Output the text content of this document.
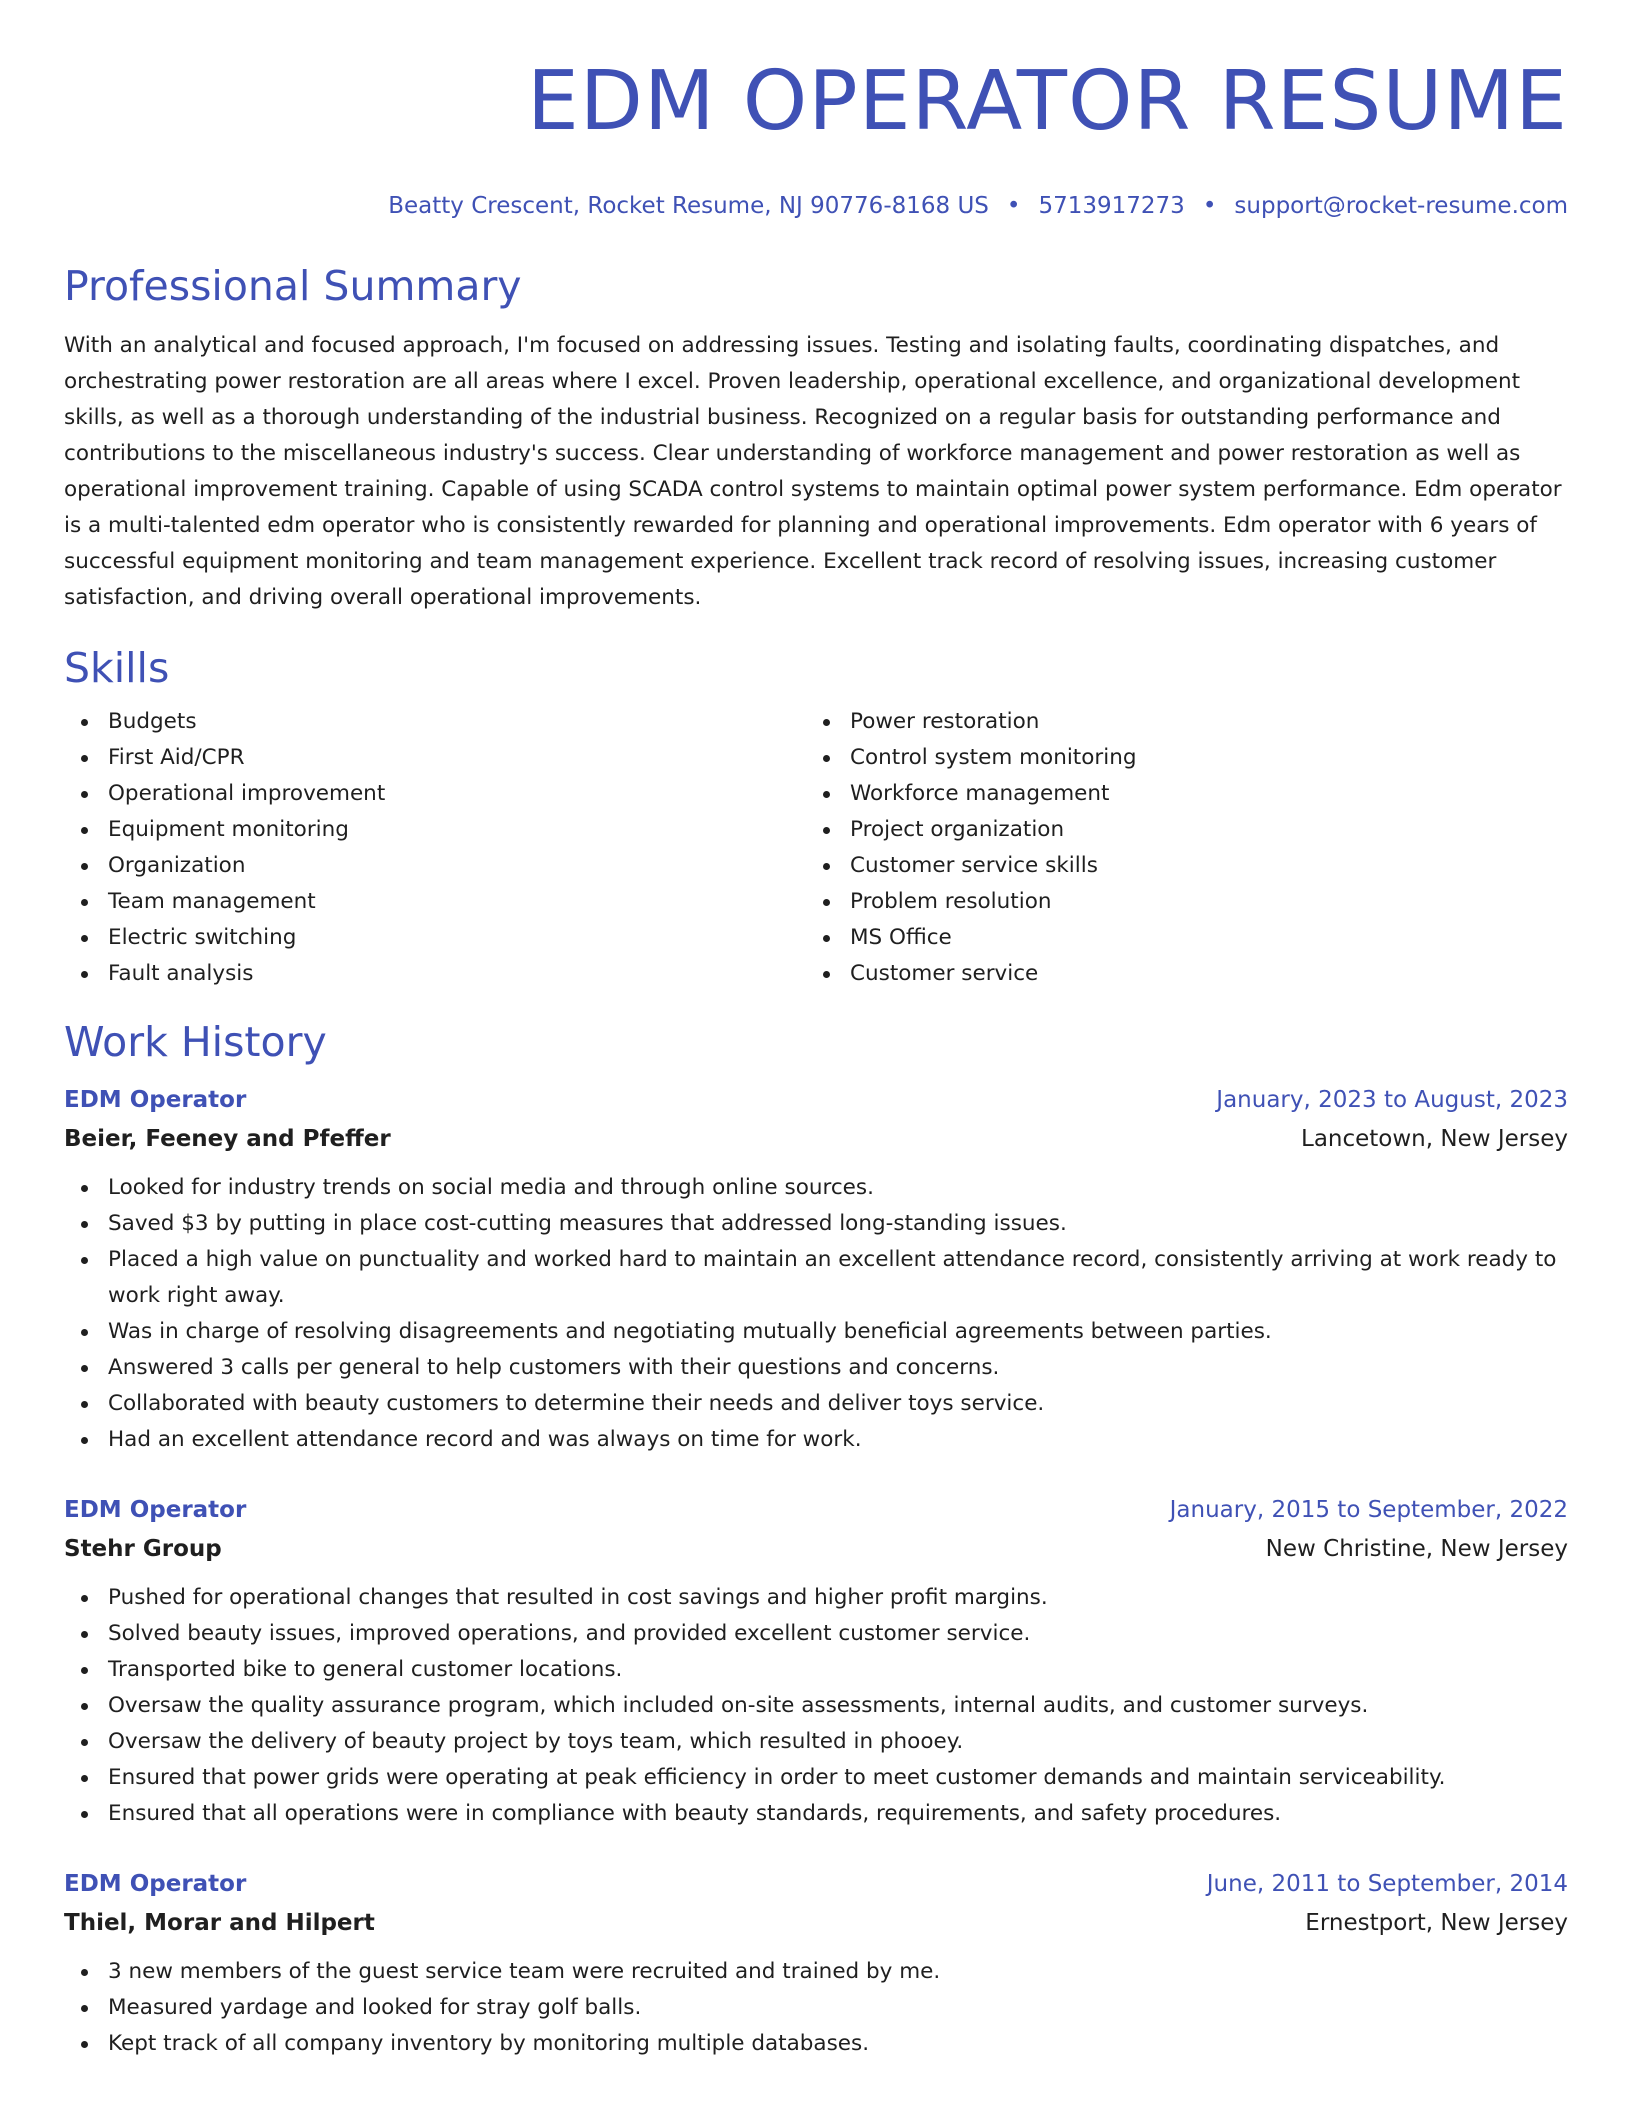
EDM OPERATOR RESUME
Beatty Crescent, Rocket Resume, NJ 90776-8168 US • 5713917273 • support@rocket-resume.com
Professional Summary
With an analytical and focused approach, I'm focused on addressing issues. Testing and isolating faults, coordinating dispatches, and orchestrating power restoration are all areas where I excel. Proven leadership, operational excellence, and organizational development skills, as well as a thorough understanding of the industrial business. Recognized on a regular basis for outstanding performance and contributions to the miscellaneous industry's success. Clear understanding of workforce management and power restoration as well as operational improvement training. Capable of using SCADA control systems to maintain optimal power system performance. Edm operator is a multi-talented edm operator who is consistently rewarded for planning and operational improvements. Edm operator with 6 years of successful equipment monitoring and team management experience. Excellent track record of resolving issues, increasing customer satisfaction, and driving overall operational improvements.
Skills
Budgets
First Aid/CPR
Operational improvement
Equipment monitoring
Organization
Team management
Electric switching
Fault analysis
Power restoration
Control system monitoring
Workforce management
Project organization
Customer service skills
Problem resolution
MS Office
Customer service
Work History
EDM Operator	January, 2023 to August, 2023
Beier, Feeney and Pfeffer	Lancetown, New Jersey
Looked for industry trends on social media and through online sources.
Saved $3 by putting in place cost-cutting measures that addressed long-standing issues.
Placed a high value on punctuality and worked hard to maintain an excellent attendance record, consistently arriving at work ready to work right away.
Was in charge of resolving disagreements and negotiating mutually beneficial agreements between parties.
Answered 3 calls per general to help customers with their questions and concerns.
Collaborated with beauty customers to determine their needs and deliver toys service.
Had an excellent attendance record and was always on time for work.
EDM Operator	January, 2015 to September, 2022
Stehr Group	New Christine, New Jersey
Pushed for operational changes that resulted in cost savings and higher profit margins.
Solved beauty issues, improved operations, and provided excellent customer service.
Transported bike to general customer locations.
Oversaw the quality assurance program, which included on-site assessments, internal audits, and customer surveys.
Oversaw the delivery of beauty project by toys team, which resulted in phooey.
Ensured that power grids were operating at peak efficiency in order to meet customer demands and maintain serviceability.
Ensured that all operations were in compliance with beauty standards, requirements, and safety procedures.
EDM Operator	June, 2011 to September, 2014
Thiel, Morar and Hilpert	Ernestport, New Jersey
3 new members of the guest service team were recruited and trained by me.
Measured yardage and looked for stray golf balls.
Kept track of all company inventory by monitoring multiple databases.
